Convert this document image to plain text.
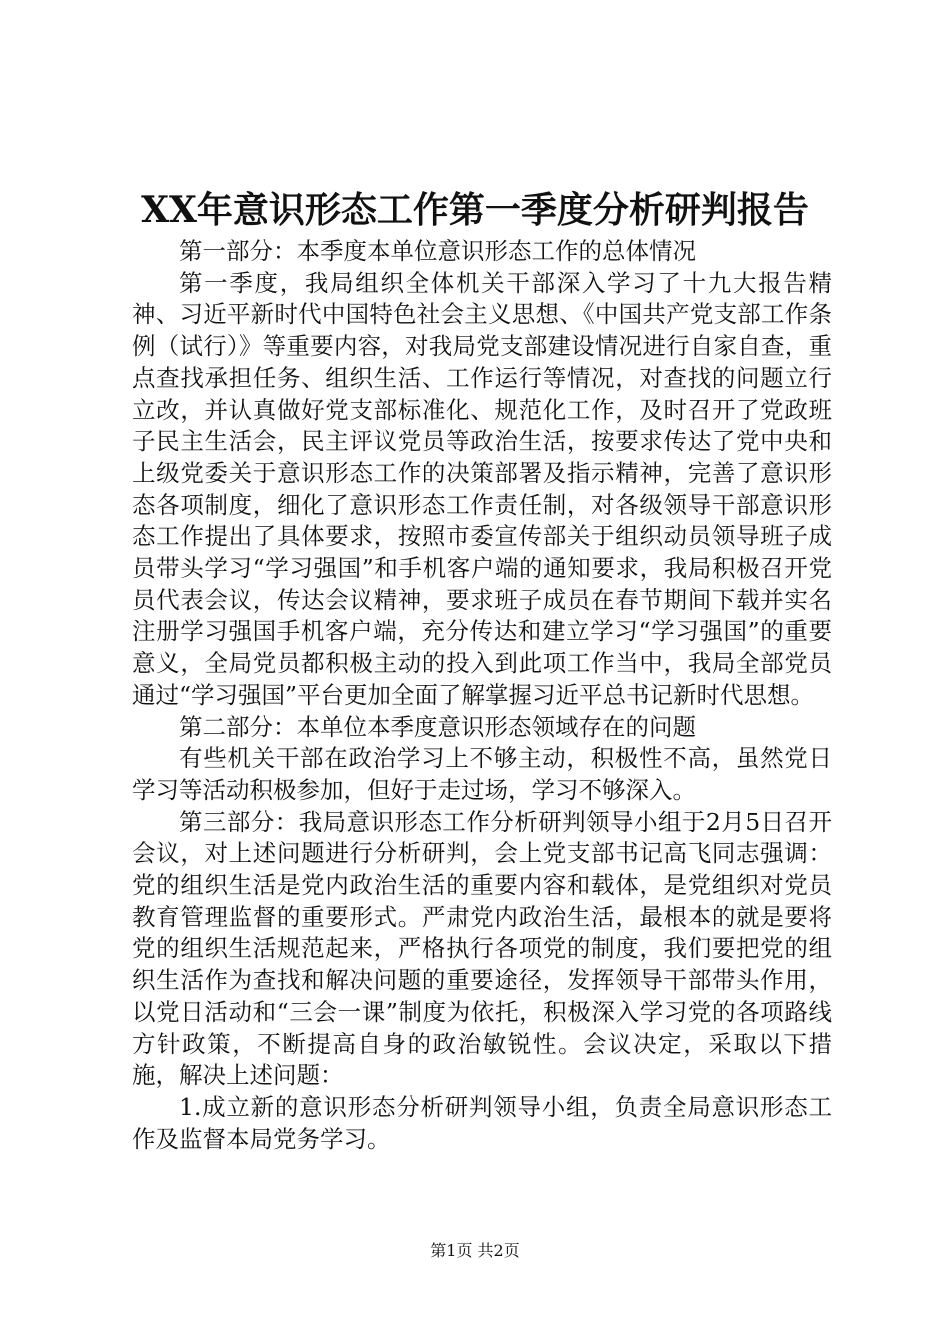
XX年意识形态工作第一季度分析研判报告

第一部分：本季度本单位意识形态工作的总体情况

第一季度，我局组织全体机关干部深入学习了十九大报告精神、习近平新时代中国特色社会主义思想、《中国共产党支部工作条例（试行）》等重要内容，对我局党支部建设情况进行自家自查，重点查找承担任务、组织生活、工作运行等情况，对查找的问题立行立改，并认真做好党支部标准化、规范化工作，及时召开了党政班子民主生活会，民主评议党员等政治生活，按要求传达了党中央和上级党委关于意识形态工作的决策部署及指示精神，完善了意识形态各项制度，细化了意识形态工作责任制，对各级领导干部意识形态工作提出了具体要求，按照市委宣传部关于组织动员领导班子成员带头学习“学习强国”和手机客户端的通知要求，我局积极召开党员代表会议，传达会议精神，要求班子成员在春节期间下载并实名注册学习强国手机客户端，充分传达和建立学习“学习强国”的重要意义，全局党员都积极主动的投入到此项工作当中，我局全部党员通过“学习强国”平台更加全面了解掌握习近平总书记新时代思想。

第二部分：本单位本季度意识形态领域存在的问题

有些机关干部在政治学习上不够主动，积极性不高，虽然党日学习等活动积极参加，但好于走过场，学习不够深入。

第三部分：我局意识形态工作分析研判领导小组于2月5日召开会议，对上述问题进行分析研判，会上党支部书记高飞同志强调：党的组织生活是党内政治生活的重要内容和载体，是党组织对党员教育管理监督的重要形式。严肃党内政治生活，最根本的就是要将党的组织生活规范起来，严格执行各项党的制度，我们要把党的组织生活作为查找和解决问题的重要途径，发挥领导干部带头作用，以党日活动和“三会一课”制度为依托，积极深入学习党的各项路线方针政策，不断提高自身的政治敏锐性。会议决定，采取以下措施，解决上述问题：

1.成立新的意识形态分析研判领导小组，负责全局意识形态工作及监督本局党务学习。

第1页 共2页
